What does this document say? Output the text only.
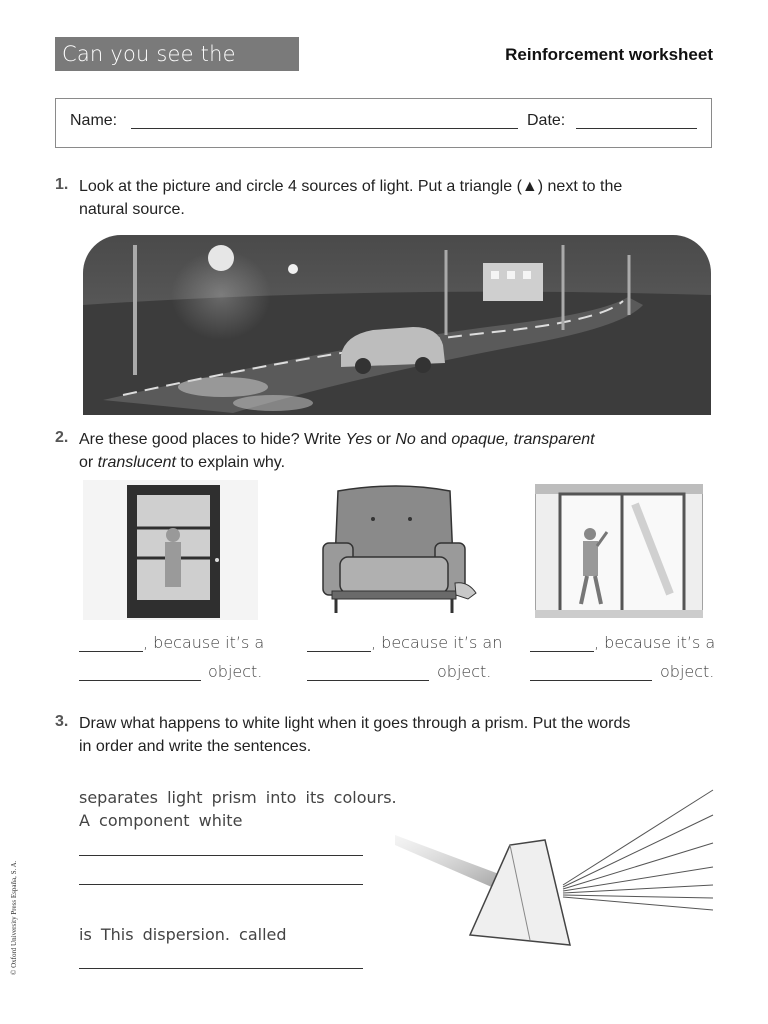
Can you see the light?
Reinforcement worksheet
Name:	Date:
1. Look at the picture and circle 4 sources of light. Put a triangle (▲) next to the
natural source.
2. Are these good places to hide? Write Yes or No and opaque, transparent
or translucent to explain why.
, because it’s a
object.
, because it’s an
object.
, because it’s a
object.
3. Draw what happens to white light when it goes through a prism. Put the words
in order and write the sentences.
separates light prism into its colours.
A component white
is This dispersion. called
© Oxford University Press España, S. A.
